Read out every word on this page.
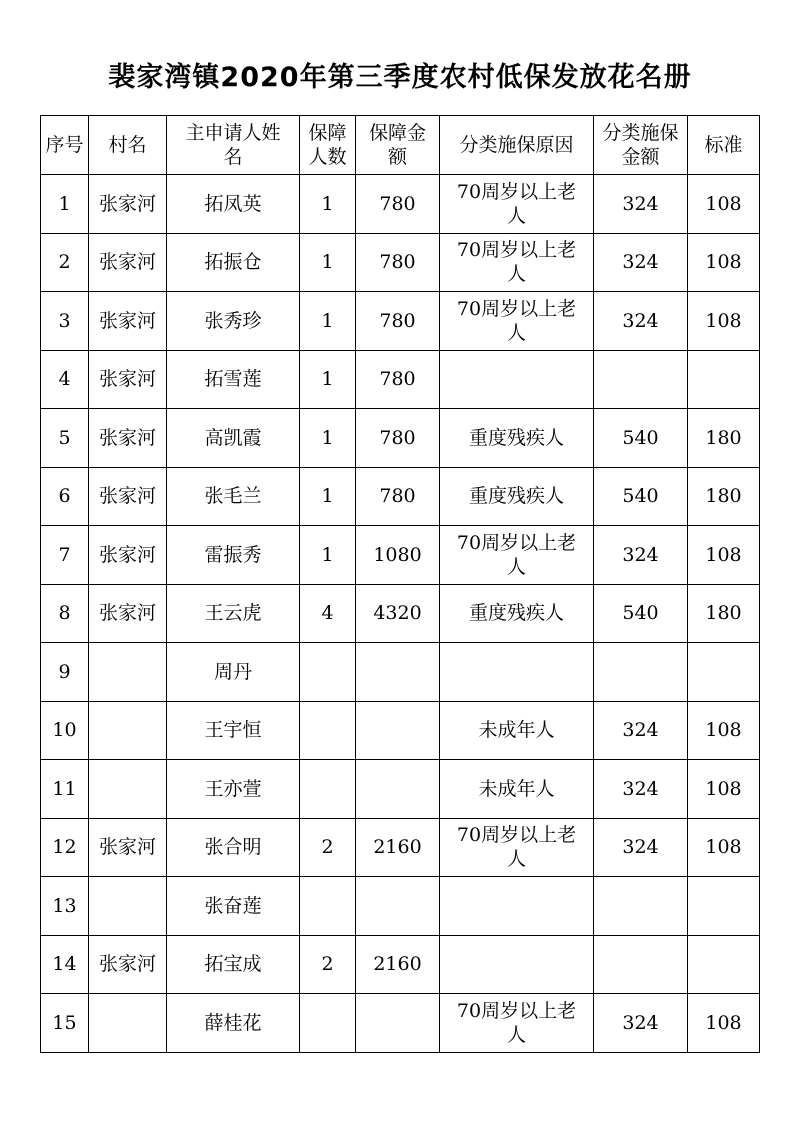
裴家湾镇2020年第三季度农村低保发放花名册
序号	村名	主申请人姓名	保障人数	保障金额	分类施保原因	分类施保金额	标准
1	张家河	拓凤英	1	780	70周岁以上老人	324	108
2	张家河	拓振仓	1	780	70周岁以上老人	324	108
3	张家河	张秀珍	1	780	70周岁以上老人	324	108
4	张家河	拓雪莲	1	780			
5	张家河	高凯霞	1	780	重度残疾人	540	180
6	张家河	张毛兰	1	780	重度残疾人	540	180
7	张家河	雷振秀	1	1080	70周岁以上老人	324	108
8	张家河	王云虎	4	4320	重度残疾人	540	180
9		周丹					
10		王宇恒			未成年人	324	108
11		王亦萱			未成年人	324	108
12	张家河	张合明	2	2160	70周岁以上老人	324	108
13		张奋莲					
14	张家河	拓宝成	2	2160			
15		薛桂花			70周岁以上老人	324	108
